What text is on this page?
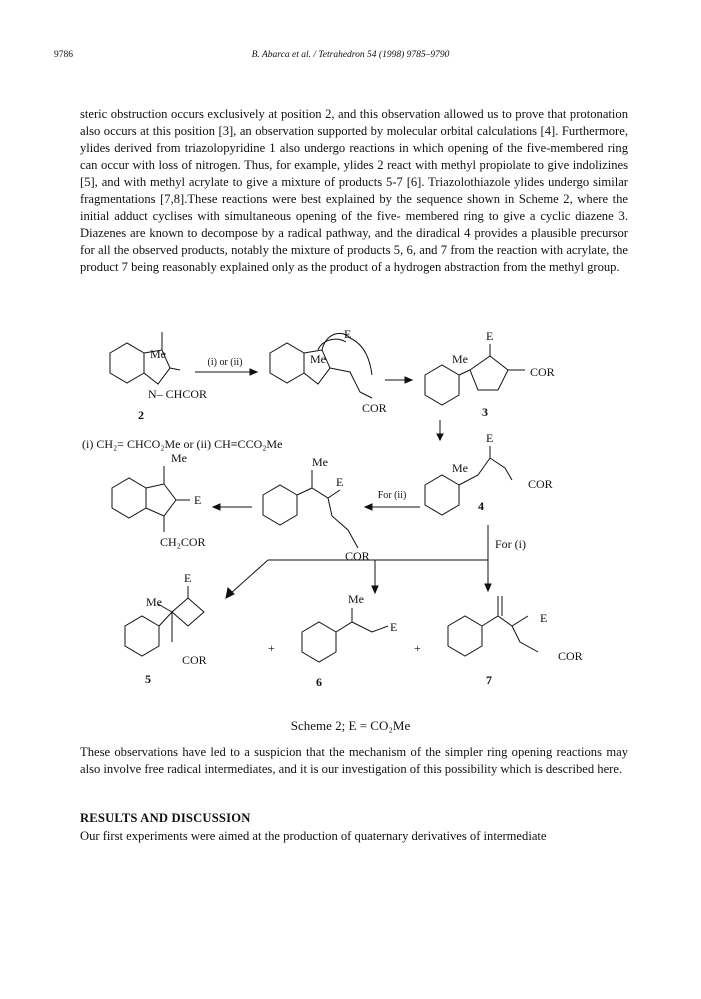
9786	B. Abarca et al. / Tetrahedron 54 (1998) 9785–9790

steric obstruction occurs exclusively at position 2, and this observation allowed us to prove that protonation also occurs at this position [3], an observation supported by molecular orbital calculations [4]. Furthermore, ylides derived from triazolopyridine 1 also undergo reactions in which opening of the five-membered ring can occur with loss of nitrogen. Thus, for example, ylides 2 react with methyl propiolate to give indolizines [5], and with methyl acrylate to give a mixture of products 5-7 [6]. Triazolothiazole ylides undergo similar fragmentations [7,8].These reactions were best explained by the sequence shown in Scheme 2, where the initial adduct cyclises with simultaneous opening of the five- membered ring to give a cyclic diazene 3. Diazenes are known to decompose by a radical pathway, and the diradical 4 provides a plausible precursor for all the observed products, notably the mixture of products 5, 6, and 7 from the reaction with acrylate, the product 7 being reasonably explained only as the product of a hydrogen abstraction from the methyl group.

(i) or (ii)
For (ii)
For (i)
(i) CH₂= CHCO₂Me or (ii) CH≡CCO₂Me
Me
N– CHCOR
2
Me
E
COR
E
Me
COR
3
E
Me
COR
4
Me
E
COR
Me
E
CH₂COR
E
Me
COR
5
Me
E
6
E
COR
7
+	+
Scheme 2; E = CO₂Me

These observations have led to a suspicion that the mechanism of the simpler ring opening reactions may also involve free radical intermediates, and it is our investigation of this possibility which is described here.

RESULTS AND DISCUSSION

Our first experiments were aimed at the production of quaternary derivatives of intermediate
